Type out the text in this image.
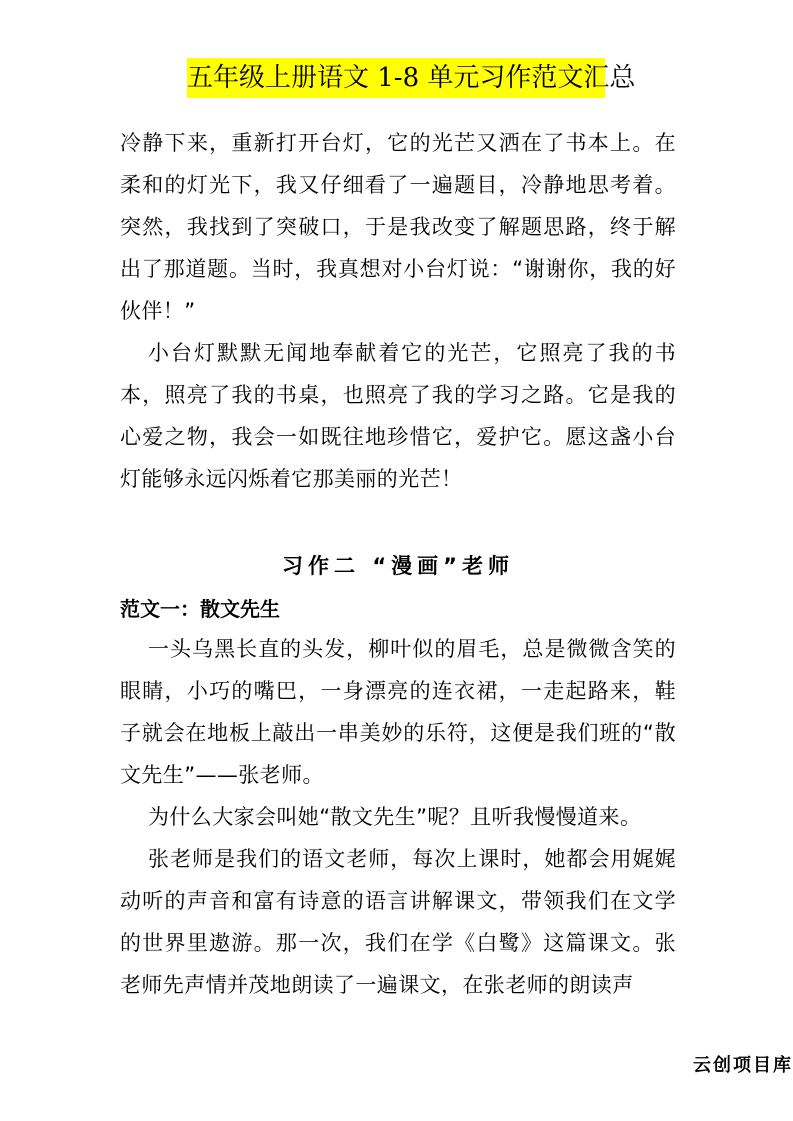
五年级上册语文 1-8 单元习作范文汇总

冷静下来，重新打开台灯，它的光芒又洒在了书本上。在柔和的灯光下，我又仔细看了一遍题目，冷静地思考着。突然，我找到了突破口，于是我改变了解题思路，终于解出了那道题。当时，我真想对小台灯说：“谢谢你，我的好伙伴！”

小台灯默默无闻地奉献着它的光芒，它照亮了我的书本，照亮了我的书桌，也照亮了我的学习之路。它是我的心爱之物，我会一如既往地珍惜它，爱护它。愿这盏小台灯能够永远闪烁着它那美丽的光芒！

习作二 “漫画”老师
范文一：散文先生

一头乌黑长直的头发，柳叶似的眉毛，总是微微含笑的眼睛，小巧的嘴巴，一身漂亮的连衣裙，一走起路来，鞋子就会在地板上敲出一串美妙的乐符，这便是我们班的“散文先生”——张老师。

为什么大家会叫她“散文先生”呢？且听我慢慢道来。

张老师是我们的语文老师，每次上课时，她都会用娓娓动听的声音和富有诗意的语言讲解课文，带领我们在文学的世界里遨游。那一次，我们在学《白鹭》这篇课文。张老师先声情并茂地朗读了一遍课文，在张老师的朗读声

云创项目库
